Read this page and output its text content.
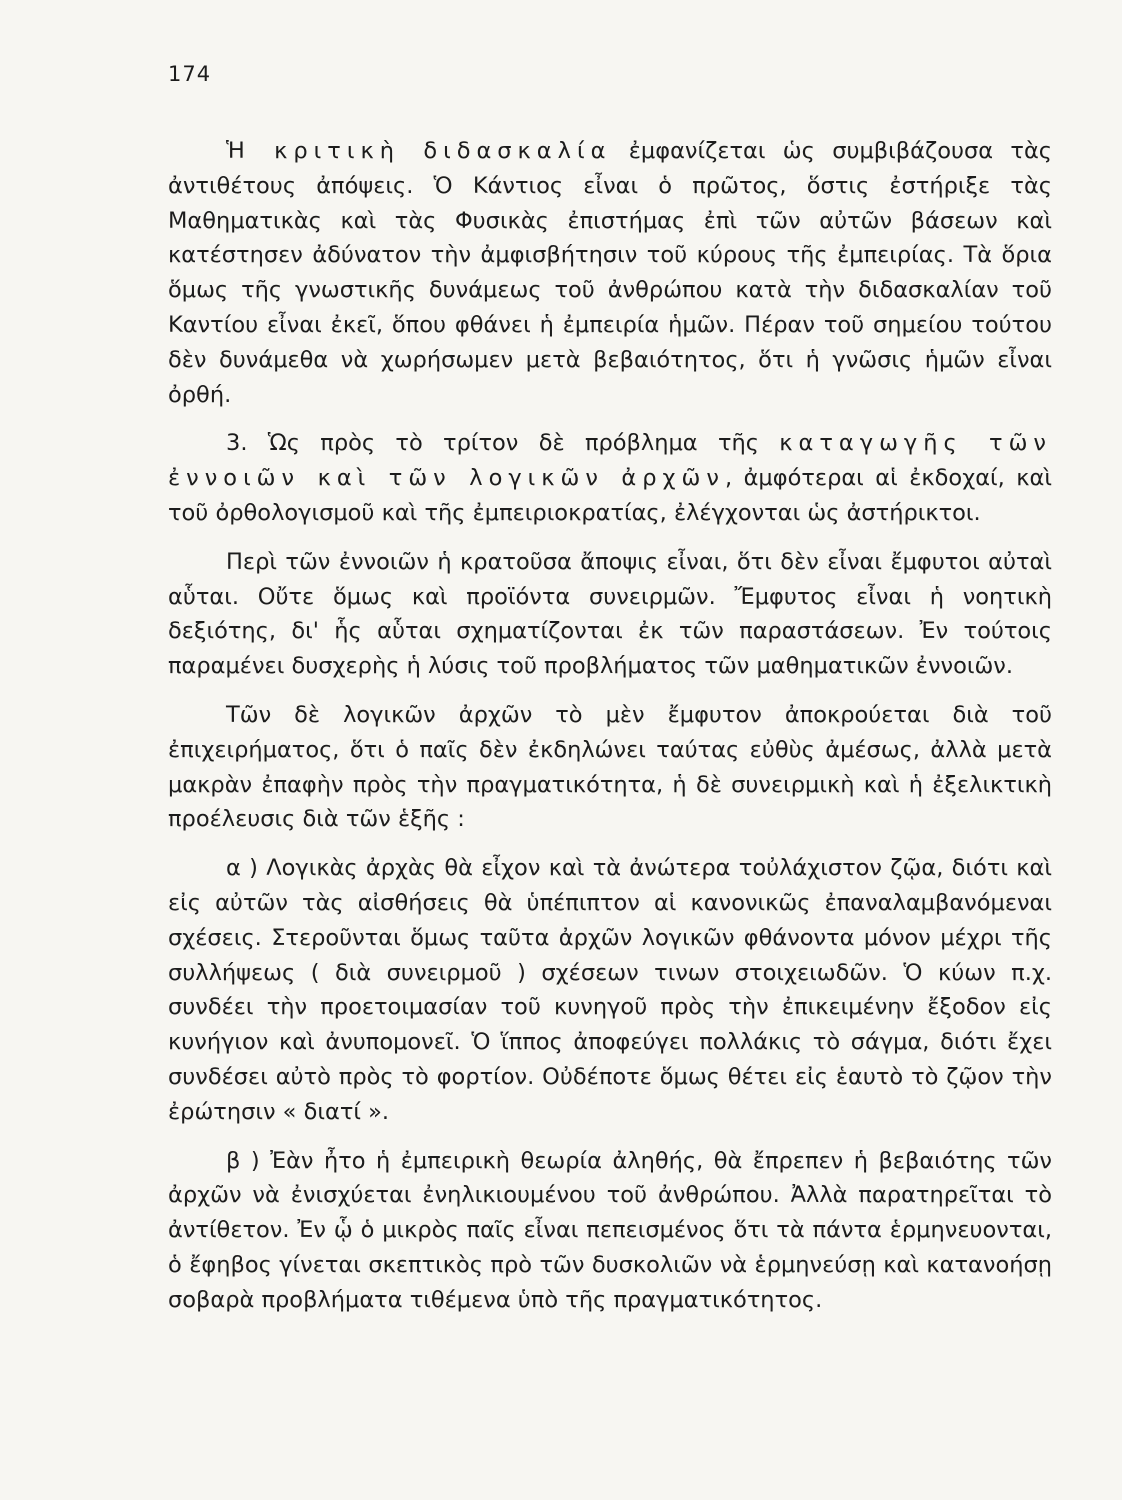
174

Ἡ κριτικὴ διδασκαλία ἐμφανίζεται ὡς συμβιβάζουσα τὰς ἀντιθέτους ἀπόψεις. Ὁ Κάντιος εἶναι ὁ πρῶτος, ὅστις ἐστήριξε τὰς Μαθηματικὰς καὶ τὰς Φυσικὰς ἐπιστήμας ἐπὶ τῶν αὐτῶν βάσεων καὶ κατέστησεν ἀδύνατον τὴν ἀμφισβήτησιν τοῦ κύρους τῆς ἐμπειρίας. Τὰ ὅρια ὅμως τῆς γνωστικῆς δυνάμεως τοῦ ἀνθρώπου κατὰ τὴν διδασκαλίαν τοῦ Καντίου εἶναι ἐκεῖ, ὅπου φθάνει ἡ ἐμπειρία ἡμῶν. Πέραν τοῦ σημείου τούτου δὲν δυνάμεθα νὰ χωρήσωμεν μετὰ βεβαιότητος, ὅτι ἡ γνῶσις ἡμῶν εἶναι ὀρθή.

3. Ὡς πρὸς τὸ τρίτον δὲ πρόβλημα τῆς καταγωγῆς τῶν ἐννοιῶν καὶ τῶν λογικῶν ἀρχῶν, ἀμφότεραι αἱ ἐκδοχαί, καὶ τοῦ ὀρθολογισμοῦ καὶ τῆς ἐμπειριοκρατίας, ἐλέγχονται ὡς ἀστήρικτοι.

Περὶ τῶν ἐννοιῶν ἡ κρατοῦσα ἄποψις εἶναι, ὅτι δὲν εἶναι ἔμφυτοι αὐταὶ αὗται. Οὔτε ὅμως καὶ προϊόντα συνειρμῶν. Ἔμφυτος εἶναι ἡ νοητικὴ δεξιότης, δι' ἧς αὗται σχηματίζονται ἐκ τῶν παραστάσεων. Ἐν τούτοις παραμένει δυσχερὴς ἡ λύσις τοῦ προβλήματος τῶν μαθηματικῶν ἐννοιῶν.

Τῶν δὲ λογικῶν ἀρχῶν τὸ μὲν ἔμφυτον ἀποκρούεται διὰ τοῦ ἐπιχειρήματος, ὅτι ὁ παῖς δὲν ἐκδηλώνει ταύτας εὐθὺς ἀμέσως, ἀλλὰ μετὰ μακρὰν ἐπαφὴν πρὸς τὴν πραγματικότητα, ἡ δὲ συνειρμικὴ καὶ ἡ ἐξελικτικὴ προέλευσις διὰ τῶν ἑξῆς :

α ) Λογικὰς ἀρχὰς θὰ εἶχον καὶ τὰ ἀνώτερα τοὐλάχιστον ζῷα, διότι καὶ εἰς αὐτῶν τὰς αἰσθήσεις θὰ ὑπέπιπτον αἱ κανονικῶς ἐπαναλαμβανόμεναι σχέσεις. Στεροῦνται ὅμως ταῦτα ἀρχῶν λογικῶν φθάνοντα μόνον μέχρι τῆς συλλήψεως ( διὰ συνειρμοῦ ) σχέσεων τινων στοιχειωδῶν. Ὁ κύων π.χ. συνδέει τὴν προετοιμασίαν τοῦ κυνηγοῦ πρὸς τὴν ἐπικειμένην ἔξοδον εἰς κυνήγιον καὶ ἀνυπομονεῖ. Ὁ ἵππος ἀποφεύγει πολλάκις τὸ σάγμα, διότι ἔχει συνδέσει αὐτὸ πρὸς τὸ φορτίον. Οὐδέποτε ὅμως θέτει εἰς ἑαυτὸ τὸ ζῷον τὴν ἐρώτησιν « διατί ».

β ) Ἐὰν ἦτο ἡ ἐμπειρικὴ θεωρία ἀληθής, θὰ ἔπρεπεν ἡ βεβαιότης τῶν ἀρχῶν νὰ ἐνισχύεται ἐνηλικιουμένου τοῦ ἀνθρώπου. Ἀλλὰ παρατηρεῖται τὸ ἀντίθετον. Ἐν ᾧ ὁ μικρὸς παῖς εἶναι πεπεισμένος ὅτι τὰ πάντα ἑρμηνευονται, ὁ ἔφηβος γίνεται σκεπτικὸς πρὸ τῶν δυσκολιῶν νὰ ἑρμηνεύσῃ καὶ κατανοήσῃ σοβαρὰ προβλήματα τιθέμενα ὑπὸ τῆς πραγματικότητος.
